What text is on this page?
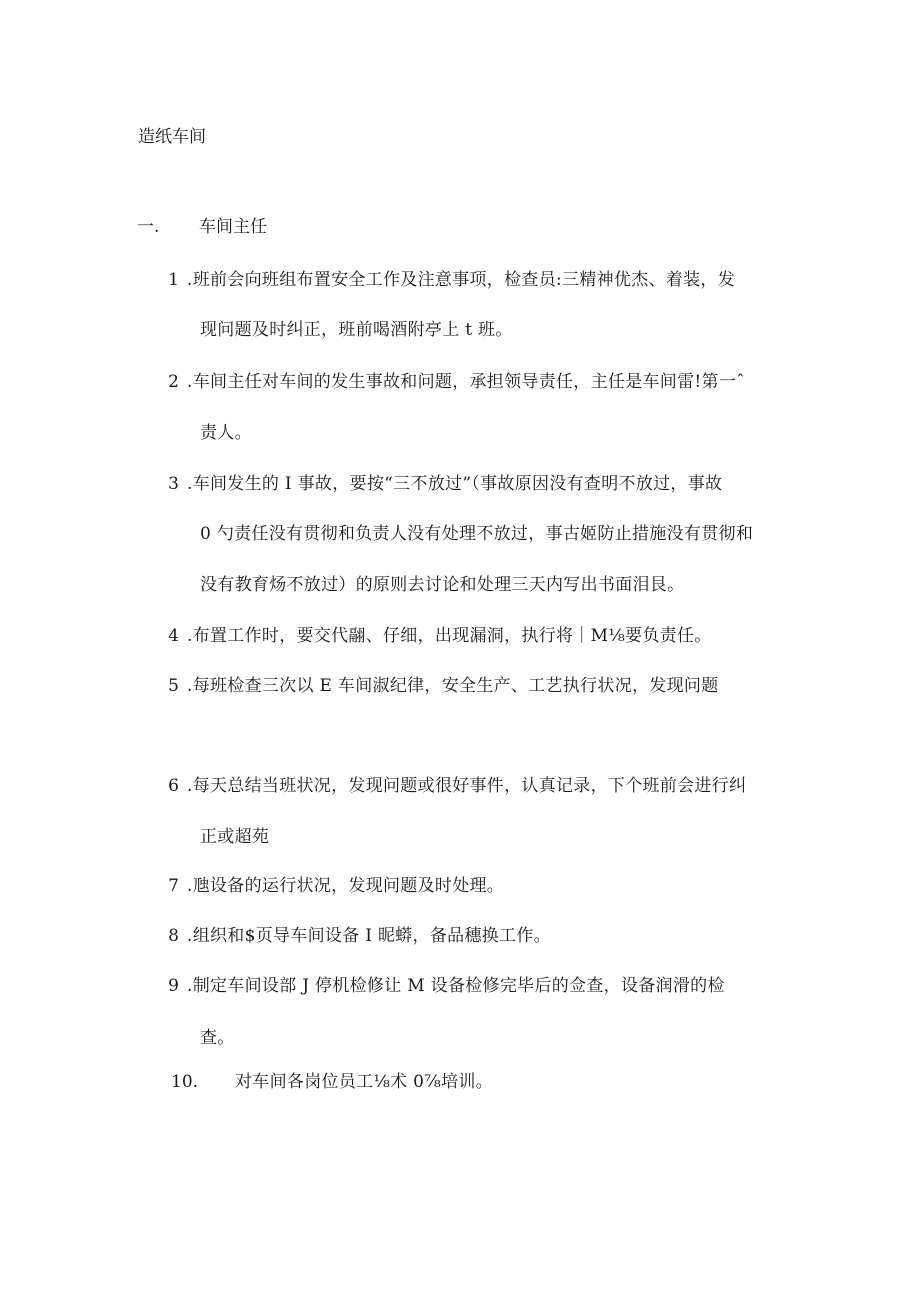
造纸车间
一. 车间主任
1 .班前会向班组布置安全工作及注意事项，检查员:三精神优杰、着装，发
现问题及时纠正，班前喝酒附亭上 t 班。
2 .车间主任对车间的发生事故和问题，承担领导责任，主任是车间雷!第一ˆ
责人。
3 .车间发生的 I 事故，要按“三不放过”（事故原因没有查明不放过，事故
0 勺责任没有贯彻和负责人没有处理不放过，事古姬防止措施没有贯彻和
没有教育炀不放过）的原则去讨论和处理三天内写出书面泪艮。
4 .布置工作时，要交代翮、仔细，出现漏洞，执行将｜M⅛要负责任。
5 .每班检查三次以 E 车间淑纪律，安全生产、工艺执行状况，发现问题
6 .每天总结当班状况，发现问题或很好事件，认真记录，下个班前会进行纠
正或超苑
7 .虺设备的运行状况，发现问题及时处理。
8 .组织和$页导车间设备 I 昵蟒，备品穗换工作。
9 .制定车间设部 J 停机检修让 M 设备检修完毕后的佥查，设备润滑的检
查。
10. 对车间各岗位员工⅛术 0⅞培训。
